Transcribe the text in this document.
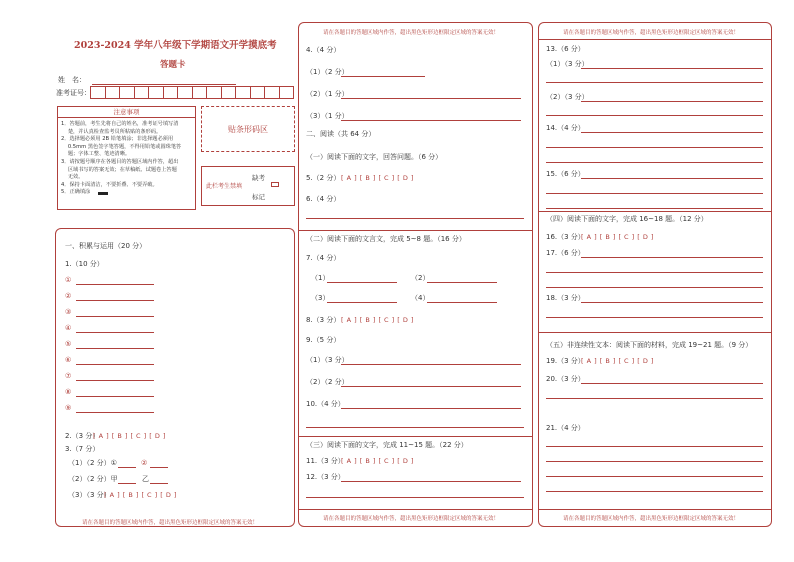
2023-2024 学年八年级下学期语文开学摸底考
答题卡
姓　名：
准考证号：
注意事项
1．答题前，考生先将自己的姓名，准考证号填写清
　 楚，并认真检查监考员所粘贴的条形码。
2．选择题必须用 2B 铅笔填涂；非选择题必须用
　 0.5mm 黑色签字笔答题，不得用铅笔或圆珠笔答
　 题；字体工整、笔迹清晰。
3．请按题号顺序在各题目的答题区域内作答，超出
　 区域书写的答案无效；在草稿纸、试题卷上答题
　 无效。
4．保持卡面清洁，不要折叠、不要弄破。
5．正确填涂
贴条形码区
此栏考生禁填
缺考
标记
一、积累与运用（20 分）
1.（10 分）
①
②
③
④
⑤
⑥
⑦
⑧
⑨
2.（3 分）
[ A ] [ B ] [ C ] [ D ]
3.（7 分）
（1）（2 分）①	②
（2）（2 分）甲	乙
（3）（3 分）
[ A ] [ B ] [ C ] [ D ]
请在各题目的答题区域内作答，超出黑色矩形边框限定区域的答案无效！
请在各题目的答题区域内作答，超出黑色矩形边框限定区域的答案无效！
4.（4 分）
（1）（2 分）
（2）（1 分）
（3）（1 分）
二、阅读（共 64 分）
（一）阅读下面的文字，回答问题。（6 分）
5.（2 分） [ A ] [ B ] [ C ] [ D ]
6.（4 分）
（二）阅读下面的文言文，完成 5~8 题。（16 分）
7.（4 分）
（1）	（2）
（3）	（4）
8.（3 分） [ A ] [ B ] [ C ] [ D ]
9.（5 分）
（1）（3 分）
（2）（2 分）
10.（4 分）
（三）阅读下面的文字，完成 11~15 题。（22 分）
11.（3 分）
[ A ] [ B ] [ C ] [ D ]
12.（3 分）
请在各题目的答题区域内作答，超出黑色矩形边框限定区域的答案无效！
请在各题目的答题区域内作答，超出黑色矩形边框限定区域的答案无效！
13.（6 分）
（1）（3 分）
（2）（3 分）
14.（4 分）
15.（6 分）
（四）阅读下面的文字，完成 16~18 题。（12 分）
16.（3 分）
[ A ] [ B ] [ C ] [ D ]
17.（6 分）
18.（3 分）
（五）非连续性文本：阅读下面的材料，完成 19~21 题。（9 分）
19.（3 分）
[ A ] [ B ] [ C ] [ D ]
20.（3 分）
21.（4 分）
请在各题目的答题区域内作答，超出黑色矩形边框限定区域的答案无效！
